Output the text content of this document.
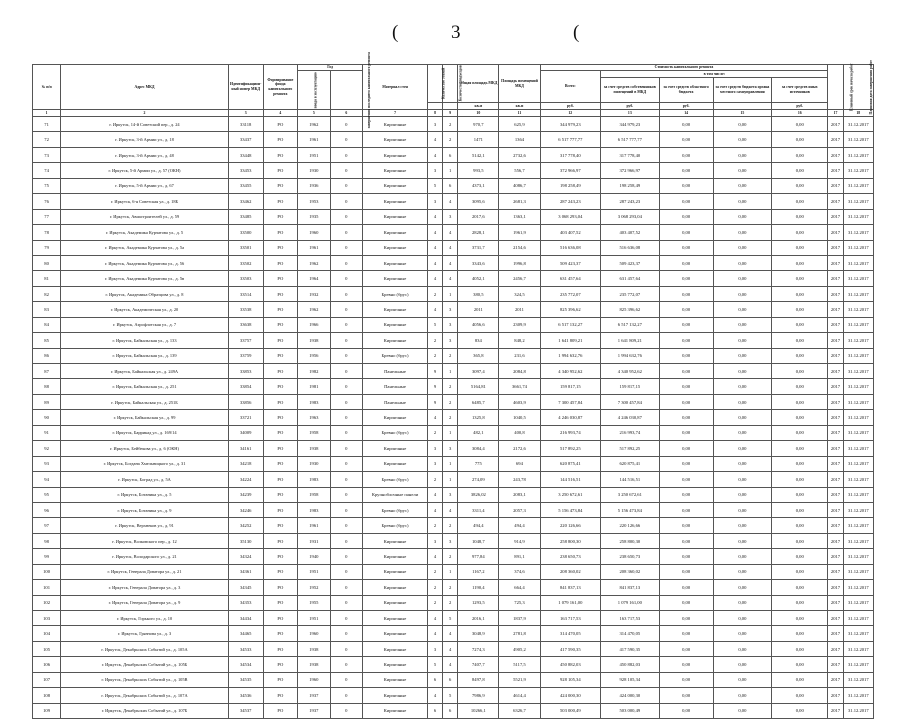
(	3	(
№ п/п	Адрес МКД	Идентификацион-ный номер МКД	Формирование фонда капитального ремонта	Год		Материал стен	Количество этажей	Количество подъездов	Общая площадь МКД	Площадь помещений МКД	Стоимость капитального ремонта					Плановый срок начала работ	Плановая дата завершения работ
				ввода в эксплуатацию	завершения последнего капитального ремонта						Всего:	в том числе:					
												за счет средств собственников помещений в МКД	за счет средств областного бюджета	за счет средств бюджета органа местного самоуправления	за счет средств иных источников		
									кв.м	кв.м	руб.	руб.	руб.		руб.		
1	2	3	4	5	6	7	8	9	10	11	12	13	14	15	16	17	18
71	г. Иркутск, 14-й Советский пер., д. 24	33118	РО	1962	0	Кирпичные	3	2	970,7	625,9	344 979,23	344 979,23	0,00	0,00	0,00	2017	31.12.2017
72	г. Иркутск, 3-й Армии ул., д. 18	33437	РО	1961	0	Кирпичные	4	2	1471	1364	6 517 777,77	6 517 777,77	0,00	0,00	0,00	2017	31.12.2017
73	г. Иркутск, 3-й Армии ул., д. 48	33448	РО	1951	0	Кирпичные	4	6	5142,1	2732,6	317 778,40	317 778,40	0,00	0,00	0,00	2017	31.12.2017
74	г. Иркутск, 5-й Армии ул., д. 57 (ОКН)	33453	РО	1930	0	Кирпичные	3	1	993,5	556,7	372 966,97	372 966,97	0,00	0,00	0,00	2017	31.12.2017
75	г. Иркутск, 5-й Армии ул., д. 67	33455	РО	1936	0	Кирпичные	5	6	4373,1	4086,7	198 258,49	198 258,49	0,00	0,00	0,00	2017	31.12.2017
76	г. Иркутск, 6-я Советская ул., д. 18Б	33462	РО	1953	0	Кирпичные	3	4	3095,6	2681,3	287 243,23	287 243,23	0,00	0,00	0,00	2017	31.12.2017
77	г. Иркутск, Авиастроителей ул., д. 59	33485	РО	1935	0	Кирпичные	4	3	2017,6	1363,1	3 068 293,04	3 068 293,04	0,00	0,00	0,00	2017	31.12.2017
78	г. Иркутск, Академика Курчатова ул., д. 5	33500	РО	1960	0	Кирпичные	4	4	2828,1	1961,9	403 407,52	403 407,52	0,00	0,00	0,00	2017	31.12.2017
79	г. Иркутск, Академика Курчатова ул., д. 5а	33501	РО	1961	0	Кирпичные	4	4	3731,7	2154,6	516 636,08	516 636,08	0,00	0,00	0,00	2017	31.12.2017
80	г. Иркутск, Академика Курчатова ул., д. 56	33502	РО	1962	0	Кирпичные	4	4	3343,6	1996,8	509 423,37	509 423,37	0,00	0,00	0,00	2017	31.12.2017
81	г. Иркутск, Академика Курчатова ул., д. 5в	33503	РО	1964	0	Кирпичные	4	4	4052,1	2456,7	631 457,64	631 457,64	0,00	0,00	0,00	2017	31.12.2017
82	г. Иркутск, Академика Образцова ул., д. 8	33514	РО	1932	0	Бревно (брус)	2	1	380,5	324,5	235 772,07	235 772,07	0,00	0,00	0,00	2017	31.12.2017
83	г. Иркутск, Академическая ул., д. 20	33538	РО	1962	0	Кирпичные	4	3	2011	2011	825 396,62	825 396,62	0,00	0,00	0,00	2017	31.12.2017
84	г. Иркутск, Аэрофлотская ул., д. 7	33638	РО	1966	0	Кирпичные	5	3	4056,6	2309,9	6 517 132,27	6 517 132,27	0,00	0,00	0,00	2017	31.12.2017
85	г. Иркутск, Байкальская ул., д. 133	33757	РО	1938	0	Кирпичные	2	3	834	848,2	1 641 809,21	1 641 809,21	0,00	0,00	0,00	2017	31.12.2017
86	г. Иркутск, Байкальская ул., д. 139	33759	РО	1956	0	Бревно (брус)	2	2	365,8	231,6	1 994 632,76	1 994 632,76	0,00	0,00	0,00	2017	31.12.2017
87	г. Иркутск, Байкальская ул., д. 249А	33853	РО	1982	0	Панельные	9	1	3097,4	2084,8	4 340 952,62	4 340 952,62	0,00	0,00	0,00	2017	31.12.2017
88	г. Иркутск, Байкальская ул., д. 251	33854	РО	1981	0	Панельные	9	2	5164,81	3661,74	159 817,15	159 817,15	0,00	0,00	0,00	2017	31.12.2017
89	г. Иркутск, Байкальская ул., д. 251Б	33856	РО	1983	0	Панельные	9	2	6485,7	4603,9	7 300 457,84	7 300 457,84	0,00	0,00	0,00	2017	31.12.2017
90	г. Иркутск, Байкальская ул., д. 99	33721	РО	1963	0	Кирпичные	4	2	1325,8	1040,5	4 246 030,87	4 246 030,87	0,00	0,00	0,00	2017	31.12.2017
91	г. Иркутск, Баррикад ул., д. 169/14	34009	РО	1958	0	Бревно (брус)	2	1	482,1	400,8	216 993,74	216 993,74	0,00	0,00	0,00	2017	31.12.2017
92	г. Иркутск, Бейбекова ул., д. 6 (ОКН)	34161	РО	1938	0	Кирпичные	3	3	3084,4	2172,6	517 892,25	517 892,25	0,00	0,00	0,00	2017	31.12.2017
93	г. Иркутск, Богдана Хмельницкого ул., д. 31	34218	РО	1930	0	Кирпичные	3	1	775	694	620 875,41	620 875,41	0,00	0,00	0,00	2017	31.12.2017
94	г. Иркутск, Боград ул., д. 5А	34224	РО	1983	0	Бревно (брус)	2	1	274,09	243,78	144 516,51	144 516,51	0,00	0,00	0,00	2017	31.12.2017
95	г. Иркутск, Ботаника ул., д. 5	34239	РО	1958	0	Крупноблочные панели	4	3	3826,02	2083,1	3 250 672,61	3 250 672,61	0,00	0,00	0,00	2017	31.12.2017
96	г. Иркутск, Ботаника ул., д. 9	34246	РО	1983	0	Бревно (брус)	4	4	3311,4	2057,3	5 156 473,84	5 156 473,84	0,00	0,00	0,00	2017	31.12.2017
97	г. Иркутск, Верхнеков ул., д. 91	34252	РО	1961	0	Бревно (брус)	2	2	494,4	494,4	220 126,66	220 126,66	0,00	0,00	0,00	2017	31.12.2017
98	г. Иркутск, Волковского пер., д. 12	35130	РО	1931	0	Кирпичные	3	3	1048,7	914,9	258 800,30	258 800,30	0,00	0,00	0,00	2017	31.12.2017
99	г. Иркутск, Володарского ул., д. 21	34324	РО	1940	0	Кирпичные	4	2	977,84	891,1	238 650,73	238 650,73	0,00	0,00	0,00	2017	31.12.2017
100	г. Иркутск, Генерала Доватора ул., д. 21	34361	РО	1951	0	Кирпичные	2	1	1167,2	374,6	208 360,02	208 360,02	0,00	0,00	0,00	2017	31.12.2017
101	г. Иркутск, Генерала Доватора ул., д. 3	34345	РО	1952	0	Кирпичные	2	2	1190,4	664,4	841 837,13	841 837,13	0,00	0,00	0,00	2017	31.12.2017
102	г. Иркутск, Генерала Доватора ул., д. 9	34353	РО	1955	0	Кирпичные	2	2	1293,5	725,3	1 079 161,00	1 079 161,00	0,00	0,00	0,00	2017	31.12.2017
103	г. Иркутск, Горького ул., д. 10	34434	РО	1951	0	Кирпичные	4	5	2016,1	1837,9	163 717,53	163 717,53	0,00	0,00	0,00	2017	31.12.2017
104	г. Иркутск, Грязнова ул., д. 3	34465	РО	1960	0	Кирпичные	4	4	3048,9	2781,8	314 470,05	314 470,05	0,00	0,00	0,00	2017	31.12.2017
105	г. Иркутск, Декабрьских Событий ул., д. 105А	34533	РО	1938	0	Кирпичные	3	4	7274,3	4905,2	417 590,35	417 590,35	0,00	0,00	0,00	2017	31.12.2017
106	г. Иркутск, Декабрьских Событий ул., д. 105Б	34534	РО	1938	0	Кирпичные	5	4	7407,7	5117,5	450 882,03	450 882,03	0,00	0,00	0,00	2017	31.12.2017
107	г. Иркутск, Декабрьских Событий ул., д. 105В	34535	РО	1960	0	Кирпичные	6	6	8497,8	5521,9	928 105,34	928 105,34	0,00	0,00	0,00	2017	31.12.2017
108	г. Иркутск, Декабрьских Событий ул., д. 107А	34536	РО	1937	0	Кирпичные	4	5	7986,9	4614,4	424 000,30	424 000,30	0,00	0,00	0,00	2017	31.12.2017
109	г. Иркутск, Декабрьских Событий ул., д. 107Б	34537	РО	1937	0	Кирпичные	6	6	10266,1	6326,7	503 000,49	503 000,49	0,00	0,00	0,00	2017	31.12.2017
